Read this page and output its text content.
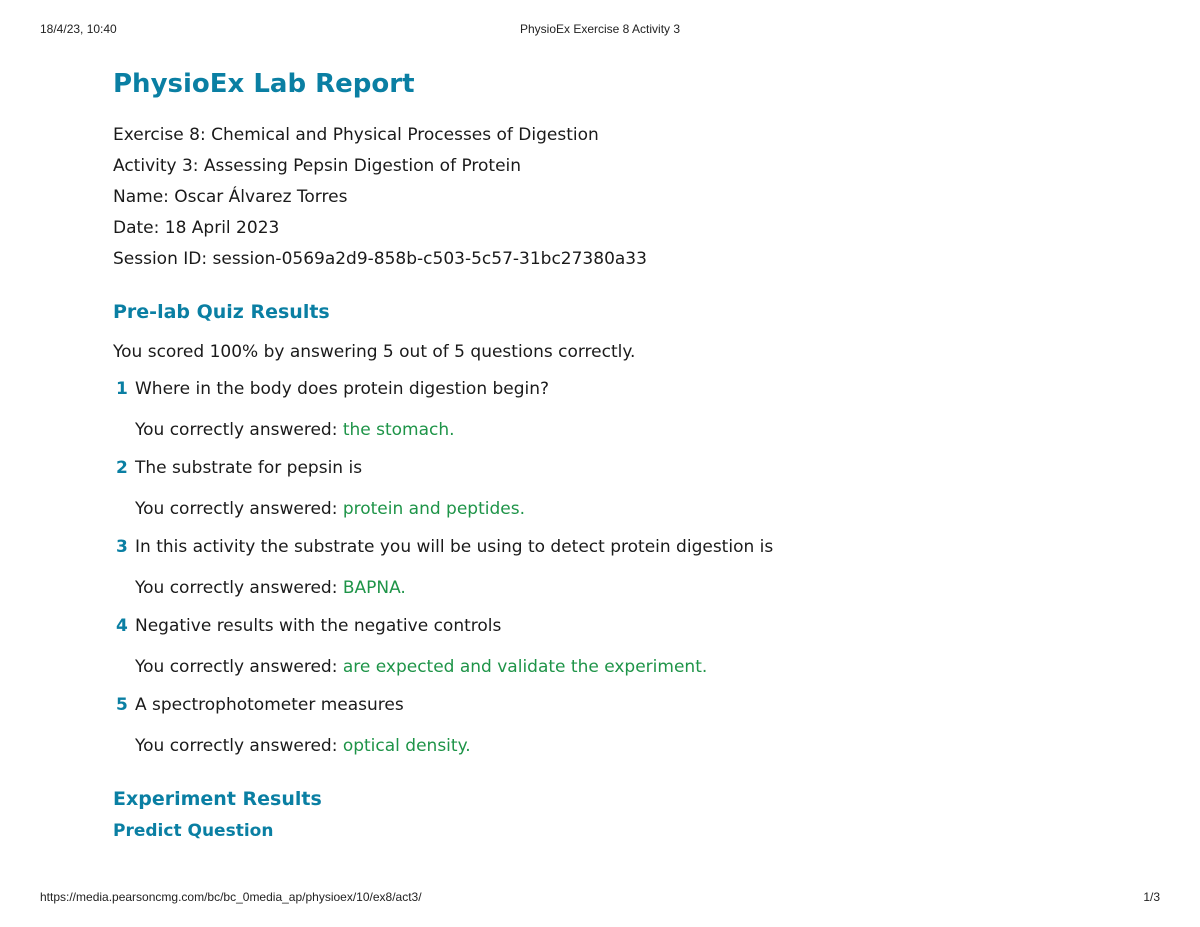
18/4/23, 10:40	PhysioEx Exercise 8 Activity 3
PhysioEx Lab Report
Exercise 8: Chemical and Physical Processes of Digestion
Activity 3: Assessing Pepsin Digestion of Protein
Name: Oscar Álvarez Torres
Date: 18 April 2023
Session ID: session-0569a2d9-858b-c503-5c57-31bc27380a33
Pre-lab Quiz Results
You scored 100% by answering 5 out of 5 questions correctly.
1 Where in the body does protein digestion begin?
You correctly answered: the stomach.
2 The substrate for pepsin is
You correctly answered: protein and peptides.
3 In this activity the substrate you will be using to detect protein digestion is
You correctly answered: BAPNA.
4 Negative results with the negative controls
You correctly answered: are expected and validate the experiment.
5 A spectrophotometer measures
You correctly answered: optical density.
Experiment Results
Predict Question
https://media.pearsoncmg.com/bc/bc_0media_ap/physioex/10/ex8/act3/	1/3
